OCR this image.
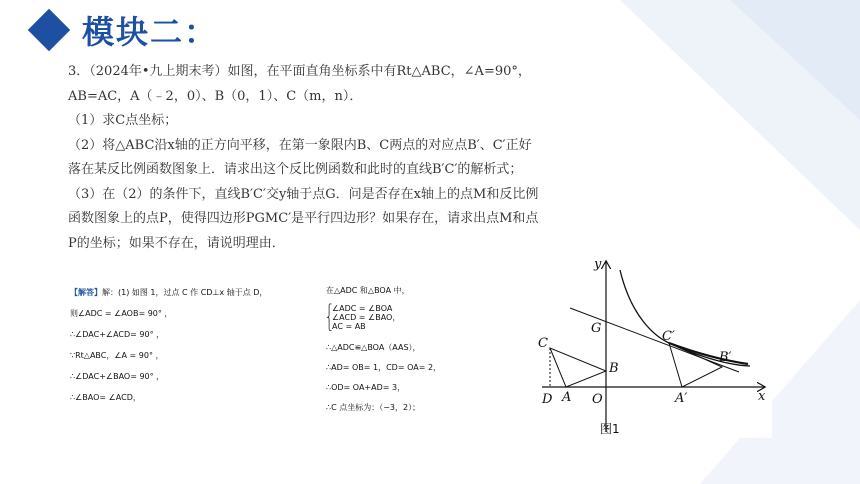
模块二：

3．（2024年•九上期末考）如图，在平面直角坐标系中有Rt△ABC，∠A=90°，

AB=AC，A（﹣2，0）、B（0，1）、C（m，n）．

（1）求C点坐标；

（2）将△ABC沿x轴的正方向平移，在第一象限内B、C两点的对应点B′、C′正好

落在某反比例函数图象上．请求出这个反比例函数和此时的直线B′C′的解析式；

（3）在（2）的条件下，直线B′C′交y轴于点G．问是否存在x轴上的点M和反比例

函数图象上的点P，使得四边形PGMC′是平行四边形？如果存在，请求出点M和点

P的坐标；如果不存在，请说明理由．

【解答】解：(1) 如图 1，过点 C 作 CD⊥x 轴于点 D，
则∠ADC = ∠AOB= 90° ，
∴∠DAC+∠ACD= 90° ，
∵Rt△ABC，∠A = 90° ，
∴∠DAC+∠BAO= 90° ，
∴∠BAO= ∠ACD，
在△ADC 和△BOA 中，
⎧∠ADC = ∠BOA
⎨∠ACD = ∠BAO，
⎩AC = AB
∴△ADC≌△BOA（AAS），
∴AD= OB= 1，CD= OA= 2，
∴OD= OA+AD= 3，
∴C 点坐标为：（−3，2）；
y
x
G
C′
B′
C
B
D A O	A′
图1
